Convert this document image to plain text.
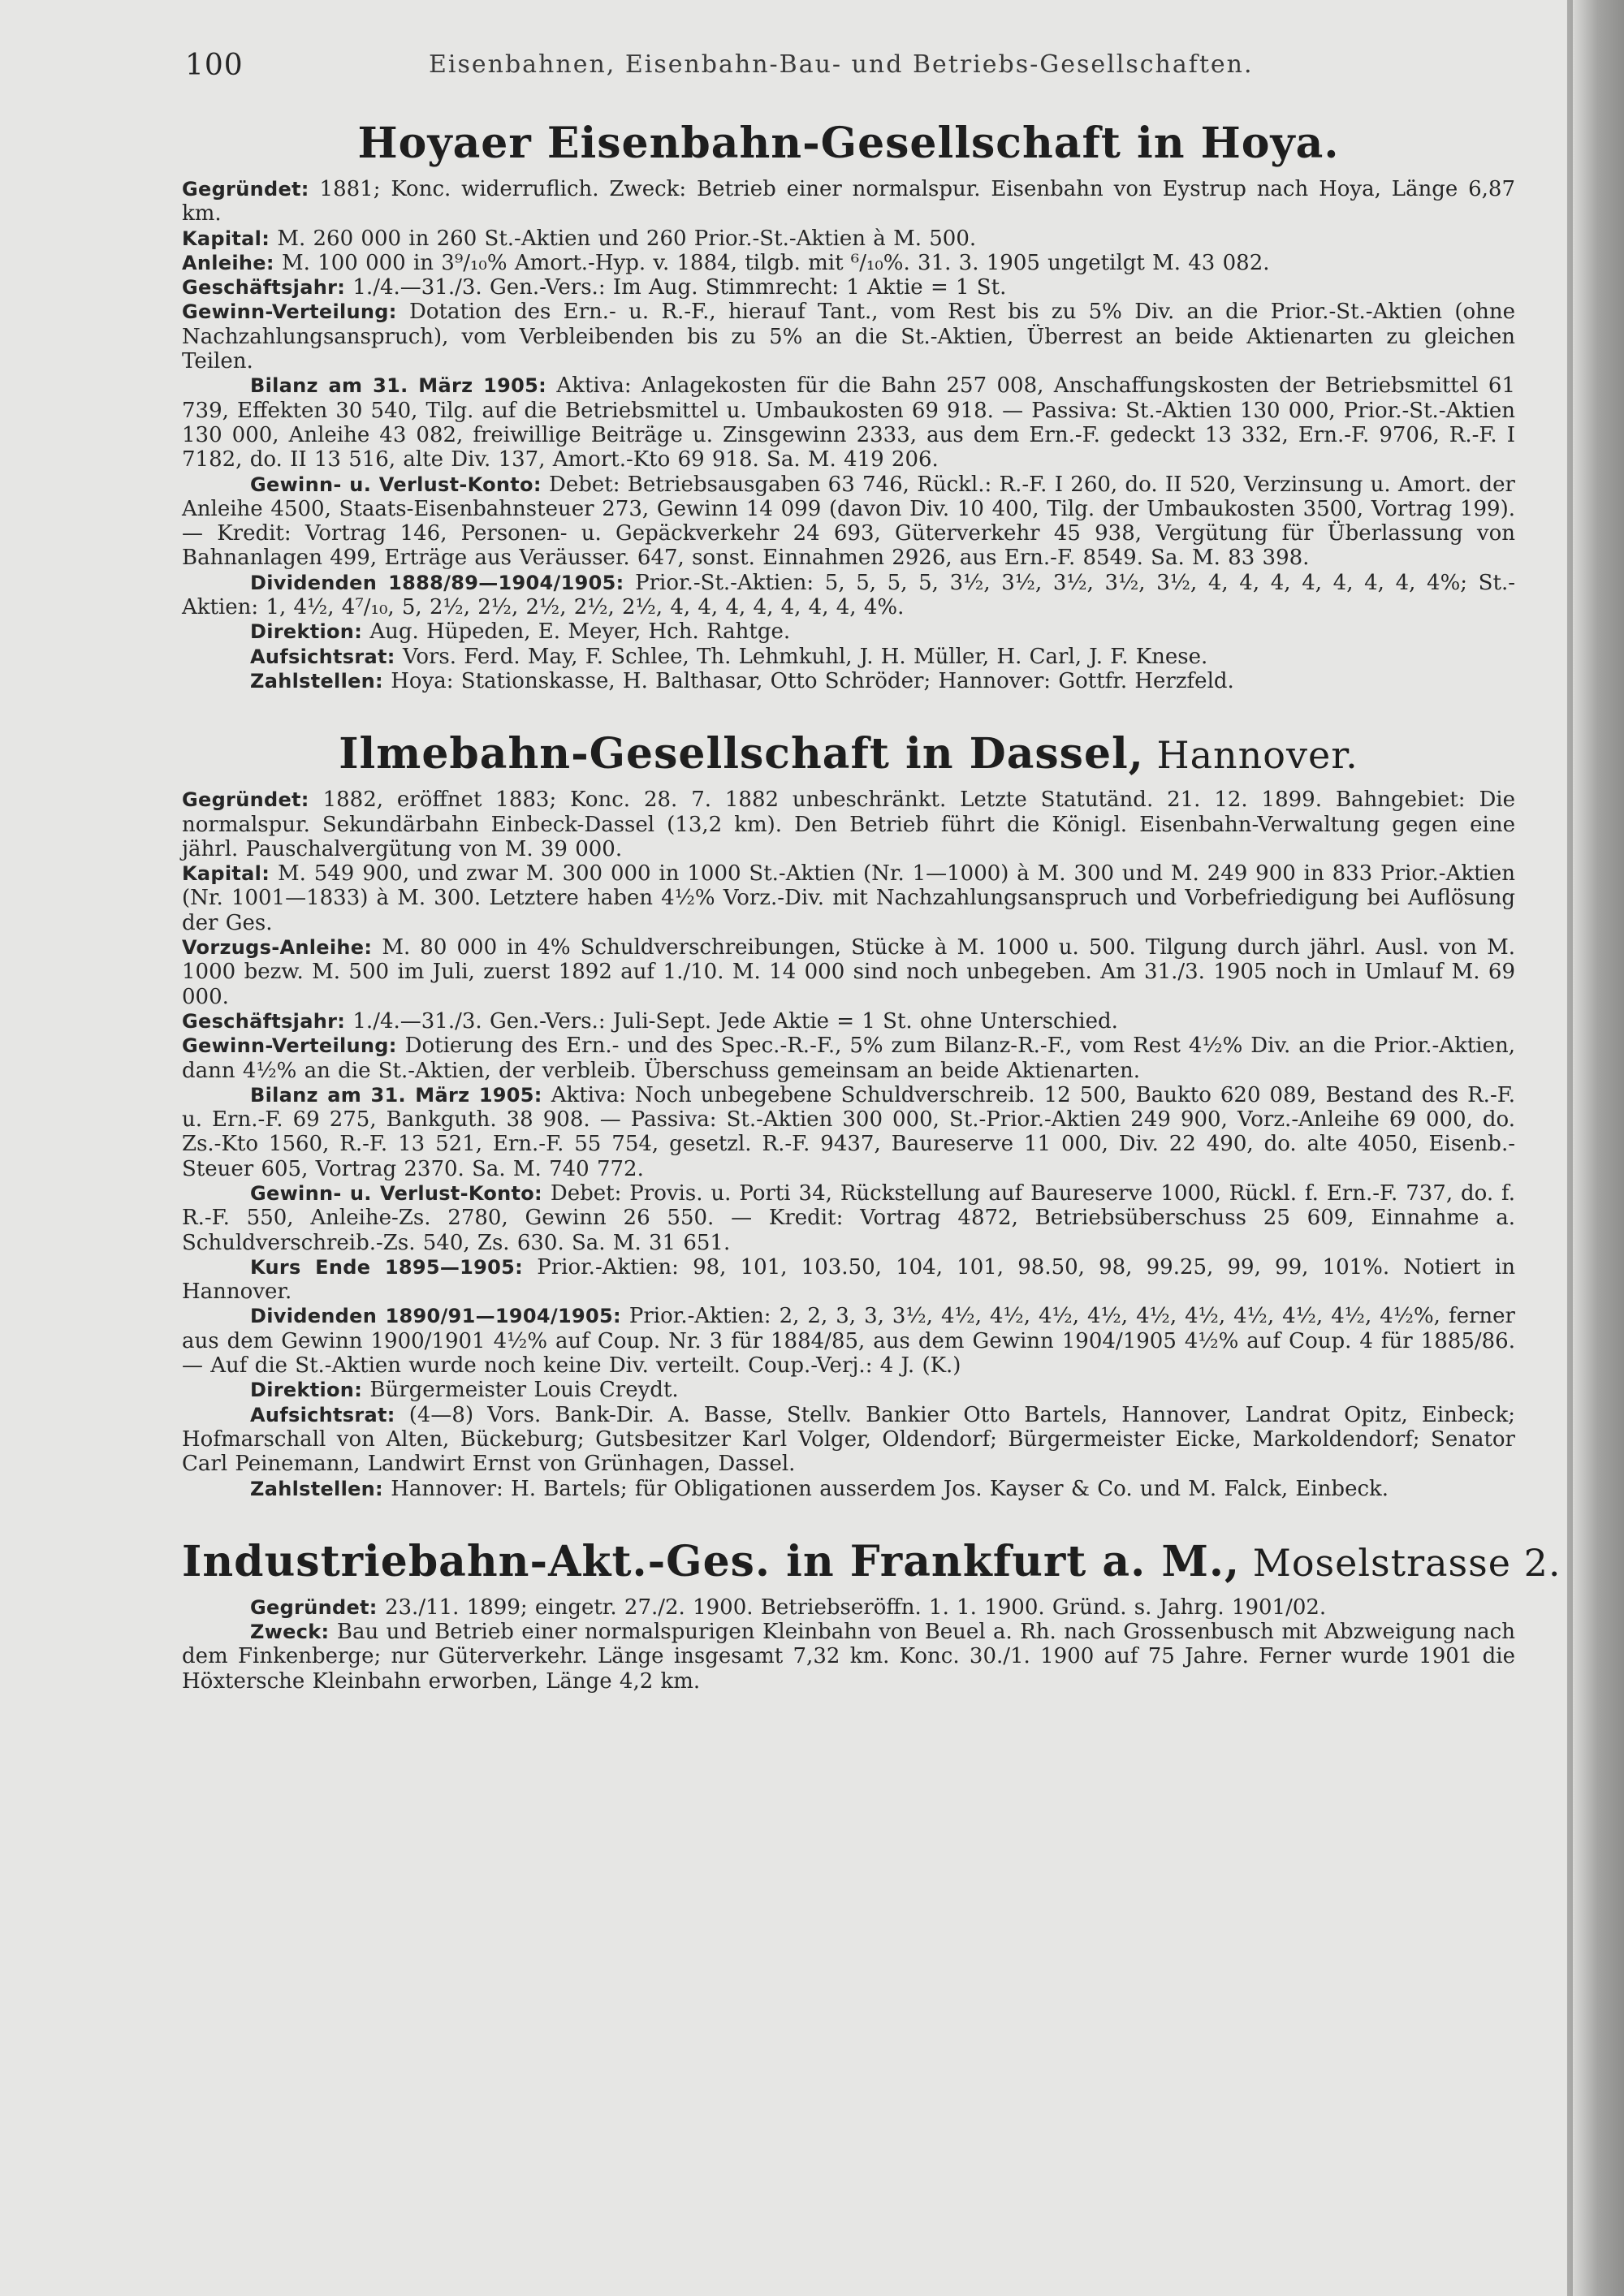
100	Eisenbahnen, Eisenbahn-Bau- und Betriebs-Gesellschaften.
Hoyaer Eisenbahn-Gesellschaft in Hoya.

Gegründet: 1881; Konc. widerruflich. Zweck: Betrieb einer normalspur. Eisenbahn von Eystrup nach Hoya, Länge 6,87 km.

Kapital: M. 260 000 in 260 St.-Aktien und 260 Prior.-St.-Aktien à M. 500.

Anleihe: M. 100 000 in 3⁹/₁₀% Amort.-Hyp. v. 1884, tilgb. mit ⁶/₁₀%. 31. 3. 1905 ungetilgt M. 43 082.

Geschäftsjahr: 1./4.—31./3. Gen.-Vers.: Im Aug. Stimmrecht: 1 Aktie = 1 St.

Gewinn-Verteilung: Dotation des Ern.- u. R.-F., hierauf Tant., vom Rest bis zu 5% Div. an die Prior.-St.-Aktien (ohne Nachzahlungsanspruch), vom Verbleibenden bis zu 5% an die St.-Aktien, Überrest an beide Aktienarten zu gleichen Teilen.

Bilanz am 31. März 1905: Aktiva: Anlagekosten für die Bahn 257 008, Anschaffungskosten der Betriebsmittel 61 739, Effekten 30 540, Tilg. auf die Betriebsmittel u. Umbaukosten 69 918. — Passiva: St.-Aktien 130 000, Prior.-St.-Aktien 130 000, Anleihe 43 082, freiwillige Beiträge u. Zinsgewinn 2333, aus dem Ern.-F. gedeckt 13 332, Ern.-F. 9706, R.-F. I 7182, do. II 13 516, alte Div. 137, Amort.-Kto 69 918. Sa. M. 419 206.

Gewinn- u. Verlust-Konto: Debet: Betriebsausgaben 63 746, Rückl.: R.-F. I 260, do. II 520, Verzinsung u. Amort. der Anleihe 4500, Staats-Eisenbahnsteuer 273, Gewinn 14 099 (davon Div. 10 400, Tilg. der Umbaukosten 3500, Vortrag 199). — Kredit: Vortrag 146, Personen- u. Gepäckverkehr 24 693, Güterverkehr 45 938, Vergütung für Überlassung von Bahnanlagen 499, Erträge aus Veräusser. 647, sonst. Einnahmen 2926, aus Ern.-F. 8549. Sa. M. 83 398.

Dividenden 1888/89—1904/1905: Prior.-St.-Aktien: 5, 5, 5, 5, 3½, 3½, 3½, 3½, 3½, 4, 4, 4, 4, 4, 4, 4, 4%; St.-Aktien: 1, 4½, 4⁷/₁₀, 5, 2½, 2½, 2½, 2½, 2½, 4, 4, 4, 4, 4, 4, 4, 4%.

Direktion: Aug. Hüpeden, E. Meyer, Hch. Rahtge.

Aufsichtsrat: Vors. Ferd. May, F. Schlee, Th. Lehmkuhl, J. H. Müller, H. Carl, J. F. Knese.

Zahlstellen: Hoya: Stationskasse, H. Balthasar, Otto Schröder; Hannover: Gottfr. Herzfeld.

Ilmebahn-Gesellschaft in Dassel, Hannover.

Gegründet: 1882, eröffnet 1883; Konc. 28. 7. 1882 unbeschränkt. Letzte Statutänd. 21. 12. 1899. Bahngebiet: Die normalspur. Sekundärbahn Einbeck-Dassel (13,2 km). Den Betrieb führt die Königl. Eisenbahn-Verwaltung gegen eine jährl. Pauschalvergütung von M. 39 000.

Kapital: M. 549 900, und zwar M. 300 000 in 1000 St.-Aktien (Nr. 1—1000) à M. 300 und M. 249 900 in 833 Prior.-Aktien (Nr. 1001—1833) à M. 300. Letztere haben 4½% Vorz.-Div. mit Nachzahlungsanspruch und Vorbefriedigung bei Auflösung der Ges.

Vorzugs-Anleihe: M. 80 000 in 4% Schuldverschreibungen, Stücke à M. 1000 u. 500. Tilgung durch jährl. Ausl. von M. 1000 bezw. M. 500 im Juli, zuerst 1892 auf 1./10. M. 14 000 sind noch unbegeben. Am 31./3. 1905 noch in Umlauf M. 69 000.

Geschäftsjahr: 1./4.—31./3. Gen.-Vers.: Juli-Sept. Jede Aktie = 1 St. ohne Unterschied.

Gewinn-Verteilung: Dotierung des Ern.- und des Spec.-R.-F., 5% zum Bilanz-R.-F., vom Rest 4½% Div. an die Prior.-Aktien, dann 4½% an die St.-Aktien, der verbleib. Überschuss gemeinsam an beide Aktienarten.

Bilanz am 31. März 1905: Aktiva: Noch unbegebene Schuldverschreib. 12 500, Baukto 620 089, Bestand des R.-F. u. Ern.-F. 69 275, Bankguth. 38 908. — Passiva: St.-Aktien 300 000, St.-Prior.-Aktien 249 900, Vorz.-Anleihe 69 000, do. Zs.-Kto 1560, R.-F. 13 521, Ern.-F. 55 754, gesetzl. R.-F. 9437, Baureserve 11 000, Div. 22 490, do. alte 4050, Eisenb.-Steuer 605, Vortrag 2370. Sa. M. 740 772.

Gewinn- u. Verlust-Konto: Debet: Provis. u. Porti 34, Rückstellung auf Baureserve 1000, Rückl. f. Ern.-F. 737, do. f. R.-F. 550, Anleihe-Zs. 2780, Gewinn 26 550. — Kredit: Vortrag 4872, Betriebsüberschuss 25 609, Einnahme a. Schuldverschreib.-Zs. 540, Zs. 630. Sa. M. 31 651.

Kurs Ende 1895—1905: Prior.-Aktien: 98, 101, 103.50, 104, 101, 98.50, 98, 99.25, 99, 99, 101%. Notiert in Hannover.

Dividenden 1890/91—1904/1905: Prior.-Aktien: 2, 2, 3, 3, 3½, 4½, 4½, 4½, 4½, 4½, 4½, 4½, 4½, 4½, 4½%, ferner aus dem Gewinn 1900/1901 4½% auf Coup. Nr. 3 für 1884/85, aus dem Gewinn 1904/1905 4½% auf Coup. 4 für 1885/86. — Auf die St.-Aktien wurde noch keine Div. verteilt. Coup.-Verj.: 4 J. (K.)

Direktion: Bürgermeister Louis Creydt.

Aufsichtsrat: (4—8) Vors. Bank-Dir. A. Basse, Stellv. Bankier Otto Bartels, Hannover, Landrat Opitz, Einbeck; Hofmarschall von Alten, Bückeburg; Gutsbesitzer Karl Volger, Oldendorf; Bürgermeister Eicke, Markoldendorf; Senator Carl Peinemann, Landwirt Ernst von Grünhagen, Dassel.

Zahlstellen: Hannover: H. Bartels; für Obligationen ausserdem Jos. Kayser & Co. und M. Falck, Einbeck.

Industriebahn-Akt.-Ges. in Frankfurt a. M., Moselstrasse 2.

Gegründet: 23./11. 1899; eingetr. 27./2. 1900. Betriebseröffn. 1. 1. 1900. Gründ. s. Jahrg. 1901/02.

Zweck: Bau und Betrieb einer normalspurigen Kleinbahn von Beuel a. Rh. nach Grossenbusch mit Abzweigung nach dem Finkenberge; nur Güterverkehr. Länge insgesamt 7,32 km. Konc. 30./1. 1900 auf 75 Jahre. Ferner wurde 1901 die Höxtersche Kleinbahn erworben, Länge 4,2 km.
